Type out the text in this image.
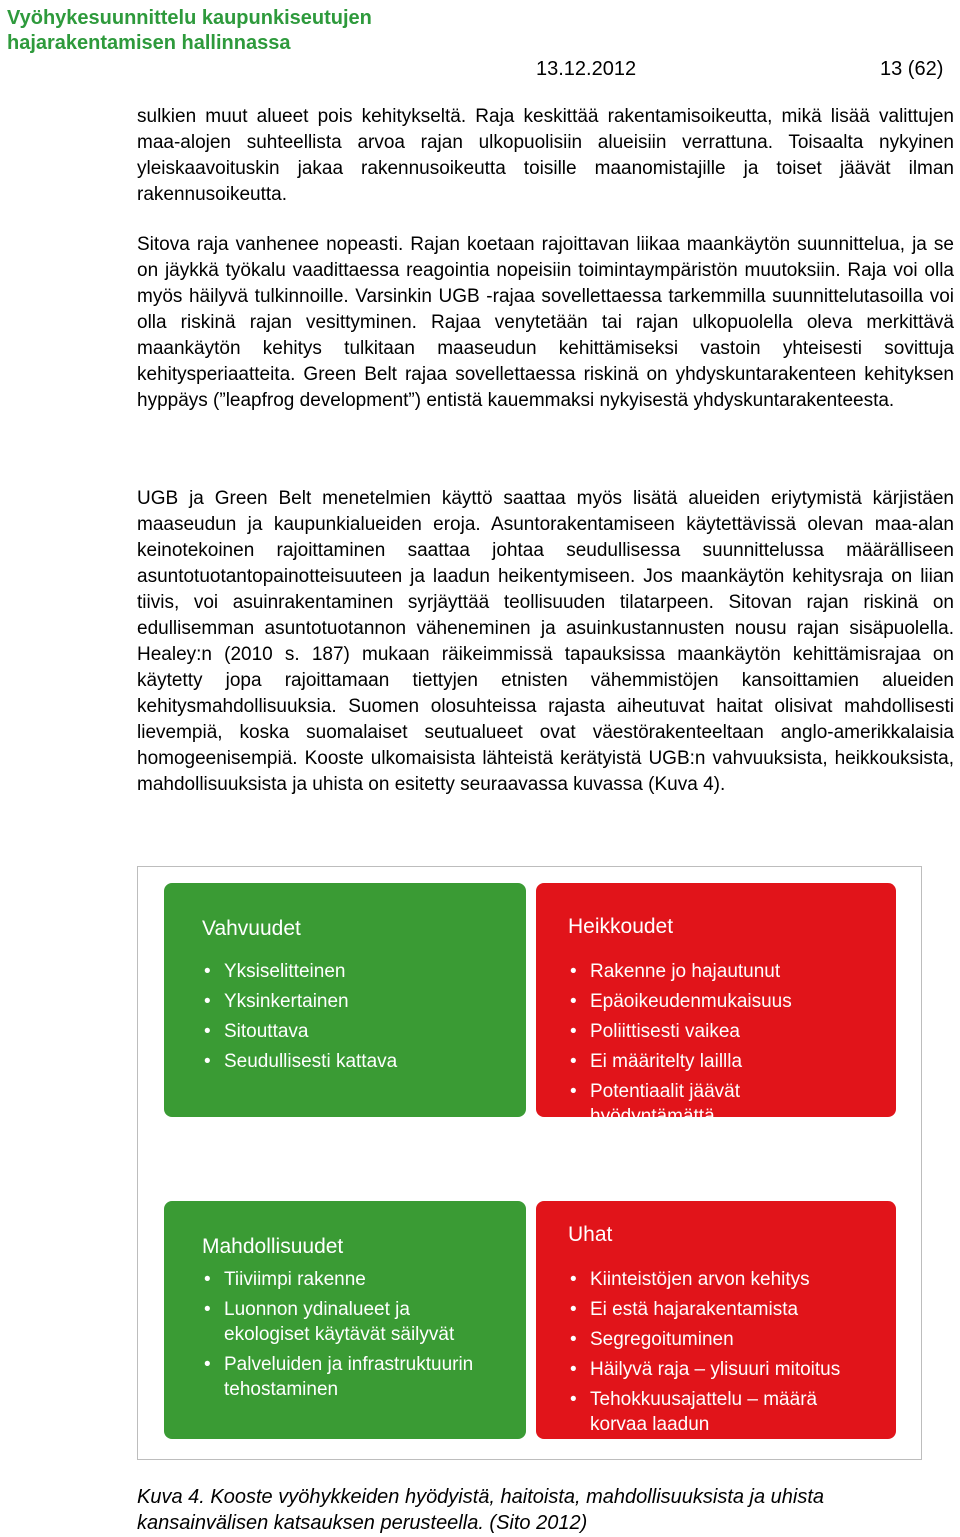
Vyöhykesuunnittelu kaupunkiseutujen
hajarakentamisen hallinnassa
13.12.2012	13 (62)

sulkien muut alueet pois kehitykseltä. Raja keskittää rakentamisoikeutta, mikä lisää valittujen maa-alojen suhteellista arvoa rajan ulkopuolisiin alueisiin verrattuna. Toisaalta nykyinen yleiskaavoituskin jakaa rakennusoikeutta toisille maanomistajille ja toiset jäävät ilman rakennusoikeutta.

Sitova raja vanhenee nopeasti. Rajan koetaan rajoittavan liikaa maankäytön suunnittelua, ja se on jäykkä työkalu vaadittaessa reagointia nopeisiin toimintaympäristön muutoksiin. Raja voi olla myös häilyvä tulkinnoille. Varsinkin UGB -rajaa sovellettaessa tarkemmilla suunnittelutasoilla voi olla riskinä rajan vesittyminen. Rajaa venytetään tai rajan ulkopuolella oleva merkittävä maankäytön kehitys tulkitaan maaseudun kehittämiseksi vastoin yhteisesti sovittuja kehitysperiaatteita. Green Belt rajaa sovellettaessa riskinä on yhdyskuntarakenteen kehityksen hyppäys (”leapfrog development”) entistä kauemmaksi nykyisestä yhdyskuntarakenteesta.

UGB ja Green Belt menetelmien käyttö saattaa myös lisätä alueiden eriytymistä kärjistäen maaseudun ja kaupunkialueiden eroja. Asuntorakentamiseen käytettävissä olevan maa-alan keinotekoinen rajoittaminen saattaa johtaa seudullisessa suunnittelussa määrälliseen asuntotuotantopainotteisuuteen ja laadun heikentymiseen. Jos maankäytön kehitysraja on liian tiivis, voi asuinrakentaminen syrjäyttää teollisuuden tilatarpeen. Sitovan rajan riskinä on edullisemman asuntotuotannon väheneminen ja asuinkustannusten nousu rajan sisäpuolella. Healey:n (2010 s. 187) mukaan räikeimmissä tapauksissa maankäytön kehittämisrajaa on käytetty jopa rajoittamaan tiettyjen etnisten vähemmistöjen kansoittamien alueiden kehitysmahdollisuuksia. Suomen olosuhteissa rajasta aiheutuvat haitat olisivat mahdollisesti lievempiä, koska suomalaiset seutualueet ovat väestörakenteeltaan anglo-amerikkalaisia homogeenisempiä. Kooste ulkomaisista lähteistä kerätyistä UGB:n vahvuuksista, heikkouksista, mahdollisuuksista ja uhista on esitetty seuraavassa kuvassa (Kuva 4).

Vahvuudet
• Yksiselitteinen
• Yksinkertainen
• Sitouttava
• Seudullisesti kattava
Heikkoudet
• Rakenne jo hajautunut
• Epäoikeudenmukaisuus
• Poliittisesti vaikea
• Ei määritelty laillla
• Potentiaalit jäävät hyödyntämättä
Mahdollisuudet
• Tiiviimpi rakenne
• Luonnon ydinalueet ja ekologiset käytävät säilyvät
• Palveluiden ja infrastruktuurin tehostaminen
Uhat
• Kiinteistöjen arvon kehitys
• Ei estä hajarakentamista
• Segregoituminen
• Häilyvä raja – ylisuuri mitoitus
• Tehokkuusajattelu – määrä korvaa laadun
Kuva 4. Kooste vyöhykkeiden hyödyistä, haitoista, mahdollisuuksista ja uhista
kansainvälisen katsauksen perusteella. (Sito 2012)
